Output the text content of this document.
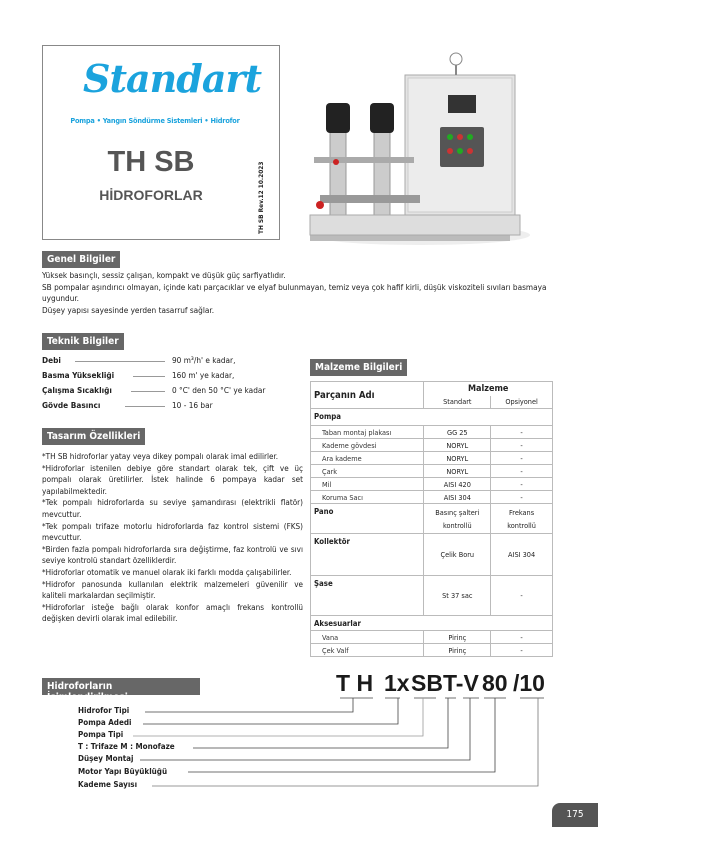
Standart
Pompa • Yangın Söndürme Sistemleri • Hidrofor
TH SB
HİDROFORLAR	TH SB Rev.12 10.2023
Genel Bilgiler
Yüksek basınçlı, sessiz çalışan, kompakt ve düşük güç sarfiyatlıdır.
SB pompalar aşındırıcı olmayan, içinde katı parçacıklar ve elyaf bulunmayan, temiz veya çok hafif kirli, düşük viskoziteli sıvıları basmaya uygundur.
Düşey yapısı sayesinde yerden tasarruf sağlar.
Teknik Bilgiler
Debi	90 m³/h' e kadar,
Basma Yüksekliği	160 m' ye kadar,
Çalışma Sıcaklığı	0 °C' den 50 °C' ye kadar
Gövde Basıncı	10 - 16 bar
Tasarım Özellikleri

*TH SB hidroforlar yatay veya dikey pompalı olarak imal edilirler.

*Hidroforlar istenilen debiye göre standart olarak tek, çift ve üç pompalı olarak üretilirler. İstek halinde 6 pompaya kadar set yapılabilmektedir.

*Tek pompalı hidroforlarda su seviye şamandırası (elektrikli flatör) mevcuttur.

*Tek pompalı trifaze motorlu hidroforlarda faz kontrol sistemi (FKS) mevcuttur.

*Birden fazla pompalı hidroforlarda sıra değiştirme, faz kontrolü ve sıvı seviye kontrolü standart özelliklerdir.

*Hidroforlar otomatik ve manuel olarak iki farklı modda çalışabilirler.

*Hidrofor panosunda kullanılan elektrik malzemeleri güvenilir ve kaliteli markalardan seçilmiştir.

*Hidroforlar isteğe bağlı olarak konfor amaçlı frekans kontrollü değişken devirli olarak imal edilebilir.

Malzeme Bilgileri
Parçanın Adı	Malzeme	
	Standart	Opsiyonel
Pompa		
Taban montaj plakası	GG 25	-
Kademe gövdesi	NORYL	-
Ara kademe	NORYL	-
Çark	NORYL	-
Mil	AISI 420	-
Koruma Sacı	AISI 304	-
Pano	Basınç şalteri kontrollü	Frekans kontrollü
Kollektör	Çelik Boru	AISI 304
Şase	St 37 sac	-
Aksesuarlar		
Vana	Pirinç	-
Çek Valf	Pirinç	-
Hidroforların İsimlendirilmesi
T H 1x SB T-V 80 /10
Hidrofor Tipi
Pompa Adedi
Pompa Tipi
T : Trifaze M : Monofaze
Düşey Montaj
Motor Yapı Büyüklüğü
Kademe Sayısı
175
